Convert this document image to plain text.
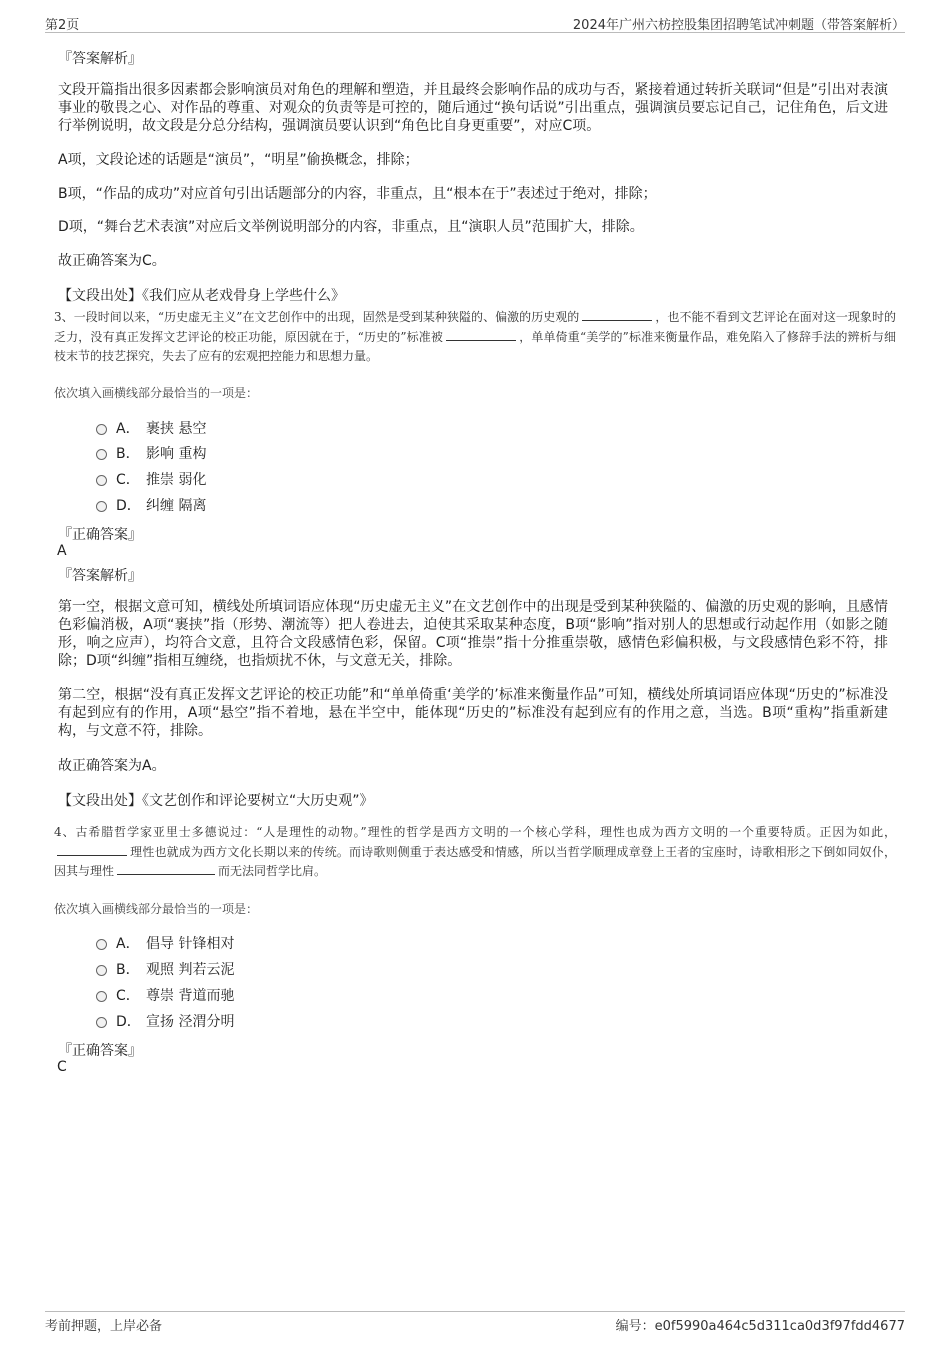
第2页	2024年广州六枋控股集团招聘笔试冲刺题（带答案解析）
『答案解析』
文段开篇指出很多因素都会影响演员对角色的理解和塑造，并且最终会影响作品的成功与否，紧接着通过转折关联词“但是”引出对表演事业的敬畏之心、对作品的尊重、对观众的负责等是可控的，随后通过“换句话说”引出重点，强调演员要忘记自己，记住角色，后文进行举例说明，故文段是分总分结构，强调演员要认识到“角色比自身更重要”，对应C项。
A项，文段论述的话题是“演员”，“明星”偷换概念，排除；
B项，“作品的成功”对应首句引出话题部分的内容，非重点，且“根本在于”表述过于绝对，排除；
D项，“舞台艺术表演”对应后文举例说明部分的内容，非重点，且“演职人员”范围扩大，排除。
故正确答案为C。
【文段出处】《我们应从老戏骨身上学些什么》
3、一段时间以来，“历史虚无主义”在文艺创作中的出现，固然是受到某种狭隘的、偏激的历史观的	，也不能不看到文艺评论在面对这一现象时的乏力，没有真正发挥文艺评论的校正功能，原因就在于，“历史的”标准被	，单单倚重“美学的”标准来衡量作品，难免陷入了修辞手法的辨析与细枝末节的技艺探究，失去了应有的宏观把控能力和思想力量。
依次填入画横线部分最恰当的一项是：
A． 裹挟 悬空
B． 影响 重构
C． 推崇 弱化
D． 纠缠 隔离
『正确答案』
A
『答案解析』
第一空，根据文意可知，横线处所填词语应体现“历史虚无主义”在文艺创作中的出现是受到某种狭隘的、偏激的历史观的影响，且感情色彩偏消极，A项“裹挟”指（形势、潮流等）把人卷进去，迫使其采取某种态度，B项“影响”指对别人的思想或行动起作用（如影之随形，响之应声），均符合文意，且符合文段感情色彩，保留。C项“推崇”指十分推重崇敬，感情色彩偏积极，与文段感情色彩不符，排除；D项“纠缠”指相互缠绕，也指烦扰不休，与文意无关，排除。
第二空，根据“没有真正发挥文艺评论的校正功能”和“单单倚重‘美学的’标准来衡量作品”可知，横线处所填词语应体现“历史的”标准没有起到应有的作用，A项“悬空”指不着地，悬在半空中，能体现“历史的”标准没有起到应有的作用之意，当选。B项“重构”指重新建构，与文意不符，排除。
故正确答案为A。
【文段出处】《文艺创作和评论要树立“大历史观”》
4、古希腊哲学家亚里士多德说过：“人是理性的动物。”理性的哲学是西方文明的一个核心学科，理性也成为西方文明的一个重要特质。正因为如此，理性也就成为西方文化长期以来的传统。而诗歌则侧重于表达感受和情感，所以当哲学顺理成章登上王者的宝座时，诗歌相形之下倒如同奴仆，因其与理性	而无法同哲学比肩。
依次填入画横线部分最恰当的一项是：
A． 倡导 针锋相对
B． 观照 判若云泥
C． 尊崇 背道而驰
D． 宣扬 泾渭分明
『正确答案』
C
考前押题，上岸必备	编号：e0f5990a464c5d311ca0d3f97fdd4677
